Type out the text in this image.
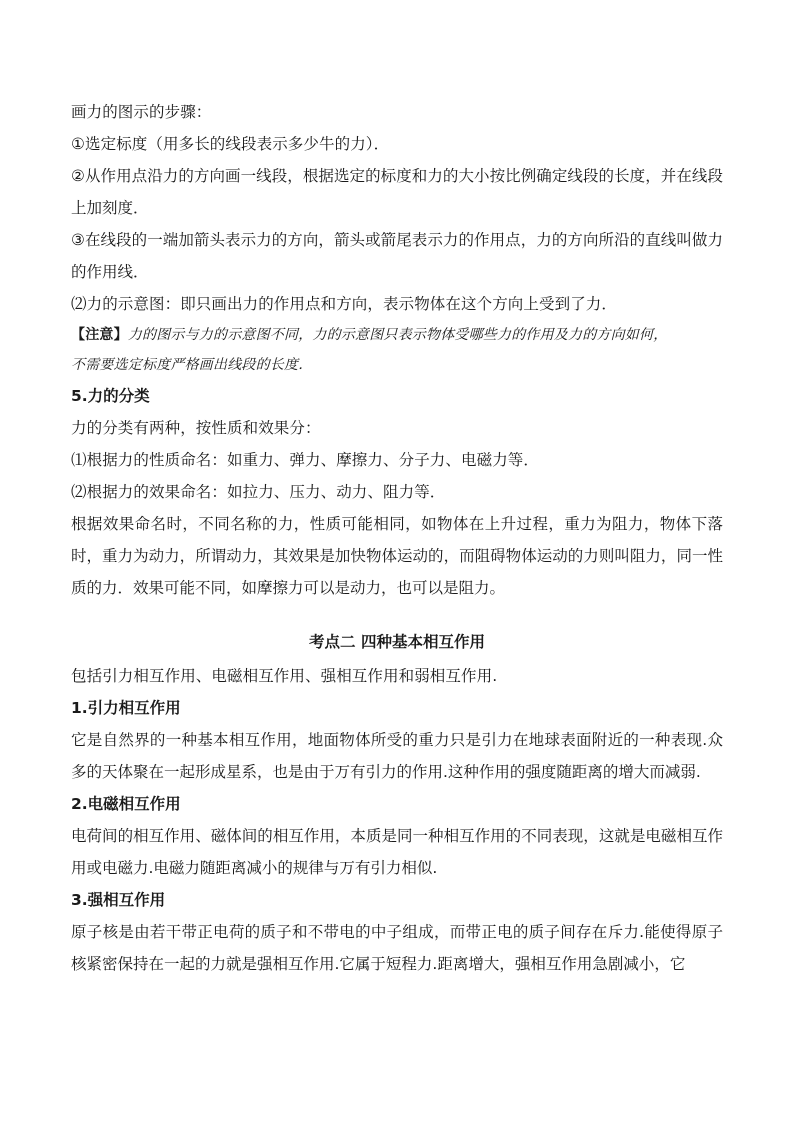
画力的图示的步骤：
①选定标度（用多长的线段表示多少牛的力）．
②从作用点沿力的方向画一线段，根据选定的标度和力的大小按比例确定线段的长度，并在线段上加刻度．
③在线段的一端加箭头表示力的方向，箭头或箭尾表示力的作用点，力的方向所沿的直线叫做力的作用线．
⑵力的示意图：即只画出力的作用点和方向，表示物体在这个方向上受到了力．
【注意】力的图示与力的示意图不同，力的示意图只表示物体受哪些力的作用及力的方向如何，
不需要选定标度严格画出线段的长度．
5.力的分类
力的分类有两种，按性质和效果分：
⑴根据力的性质命名：如重力、弹力、摩擦力、分子力、电磁力等．
⑵根据力的效果命名：如拉力、压力、动力、阻力等．
根据效果命名时，不同名称的力，性质可能相同，如物体在上升过程，重力为阻力，物体下落时，重力为动力，所谓动力，其效果是加快物体运动的，而阻碍物体运动的力则叫阻力，同一性质的力．效果可能不同，如摩擦力可以是动力，也可以是阻力。
考点二 四种基本相互作用
包括引力相互作用、电磁相互作用、强相互作用和弱相互作用.
1.引力相互作用
它是自然界的一种基本相互作用，地面物体所受的重力只是引力在地球表面附近的一种表现.众多的天体聚在一起形成星系，也是由于万有引力的作用.这种作用的强度随距离的增大而减弱.
2.电磁相互作用
电荷间的相互作用、磁体间的相互作用，本质是同一种相互作用的不同表现，这就是电磁相互作用或电磁力.电磁力随距离减小的规律与万有引力相似.
3.强相互作用
原子核是由若干带正电荷的质子和不带电的中子组成，而带正电的质子间存在斥力.能使得原子核紧密保持在一起的力就是强相互作用.它属于短程力.距离增大，强相互作用急剧减小，它
